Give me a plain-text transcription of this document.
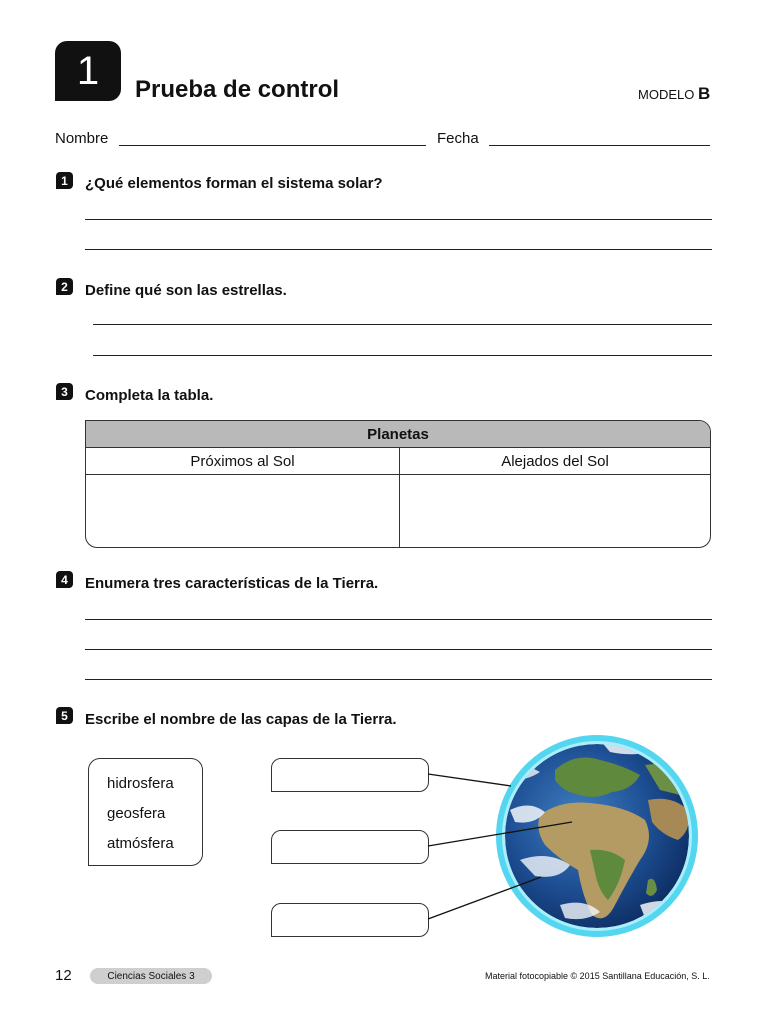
1 Prueba de control	MODELO B
Nombre	Fecha
1	¿Qué elementos forman el sistema solar?
2	Define qué son las estrellas.
3	Completa la tabla.
Planetas
Próximos al Sol	Alejados del Sol
4	Enumera tres características de la Tierra.
5	Escribe el nombre de las capas de la Tierra.
hidrosfera
geosfera
atmósfera
12	Ciencias Sociales 3	Material fotocopiable © 2015 Santillana Educación, S. L.
